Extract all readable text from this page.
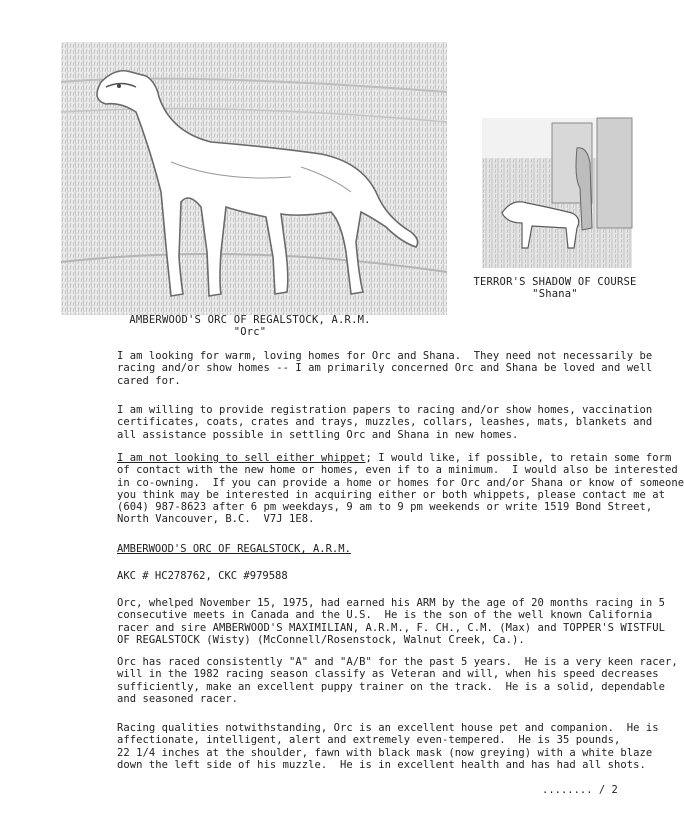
AMBERWOOD'S ORC OF REGALSTOCK, A.R.M.
"Orc"
TERROR'S SHADOW OF COURSE
"Shana"
I am looking for warm, loving homes for Orc and Shana.  They need not necessarily be
racing and/or show homes -- I am primarily concerned Orc and Shana be loved and well
cared for.
I am willing to provide registration papers to racing and/or show homes, vaccination
certificates, coats, crates and trays, muzzles, collars, leashes, mats, blankets and
all assistance possible in settling Orc and Shana in new homes.
I am not looking to sell either whippet; I would like, if possible, to retain some form
of contact with the new home or homes, even if to a minimum.  I would also be interested
in co-owning.  If you can provide a home or homes for Orc and/or Shana or know of someone
you think may be interested in acquiring either or both whippets, please contact me at
(604) 987-8623 after 6 pm weekdays, 9 am to 9 pm weekends or write 1519 Bond Street,
North Vancouver, B.C.  V7J 1E8.
AMBERWOOD'S ORC OF REGALSTOCK, A.R.M.
AKC # HC278762, CKC #979588
Orc, whelped November 15, 1975, had earned his ARM by the age of 20 months racing in 5
consecutive meets in Canada and the U.S.  He is the son of the well known California
racer and sire AMBERWOOD'S MAXIMILIAN, A.R.M., F. CH., C.M. (Max) and TOPPER'S WISTFUL
OF REGALSTOCK (Wisty) (McConnell/Rosenstock, Walnut Creek, Ca.).
Orc has raced consistently "A" and "A/B" for the past 5 years.  He is a very keen racer,
will in the 1982 racing season classify as Veteran and will, when his speed decreases
sufficiently, make an excellent puppy trainer on the track.  He is a solid, dependable
and seasoned racer.
Racing qualities notwithstanding, Orc is an excellent house pet and companion.  He is
affectionate, intelligent, alert and extremely even-tempered.  He is 35 pounds,
22 1/4 inches at the shoulder, fawn with black mask (now greying) with a white blaze
down the left side of his muzzle.  He is in excellent health and has had all shots.
........ / 2
